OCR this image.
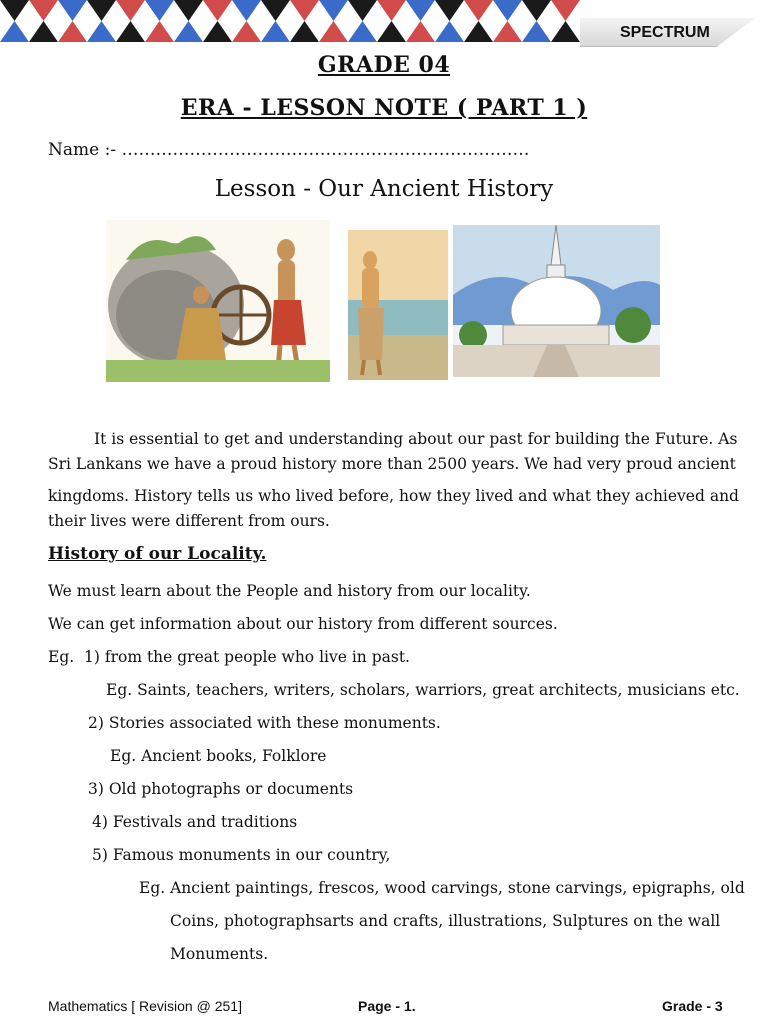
SPECTRUM
GRADE 04
ERA - LESSON NOTE ( PART 1 )
Name :- ………………………………………………………………
Lesson - Our Ancient History
It is essential to get and understanding about our past for building the Future. As
Sri Lankans we have a proud history more than 2500 years. We had very proud ancient
kingdoms. History tells us who lived before, how they lived and what they achieved and
their lives were different from ours.
History of our Locality.
We must learn about the People and history from our locality.
We can get information about our history from different sources.
Eg. 1) from the great people who live in past.
Eg. Saints, teachers, writers, scholars, warriors, great architects, musicians etc.
2) Stories associated with these monuments.
Eg. Ancient books, Folklore
3) Old photographs or documents
4) Festivals and traditions
5) Famous monuments in our country,
Eg. Ancient paintings, frescos, wood carvings, stone carvings, epigraphs, old
Coins, photographsarts and crafts, illustrations, Sulptures on the wall
Monuments.
Mathematics [ Revision @ 251]	Page - 1.	Grade - 3
